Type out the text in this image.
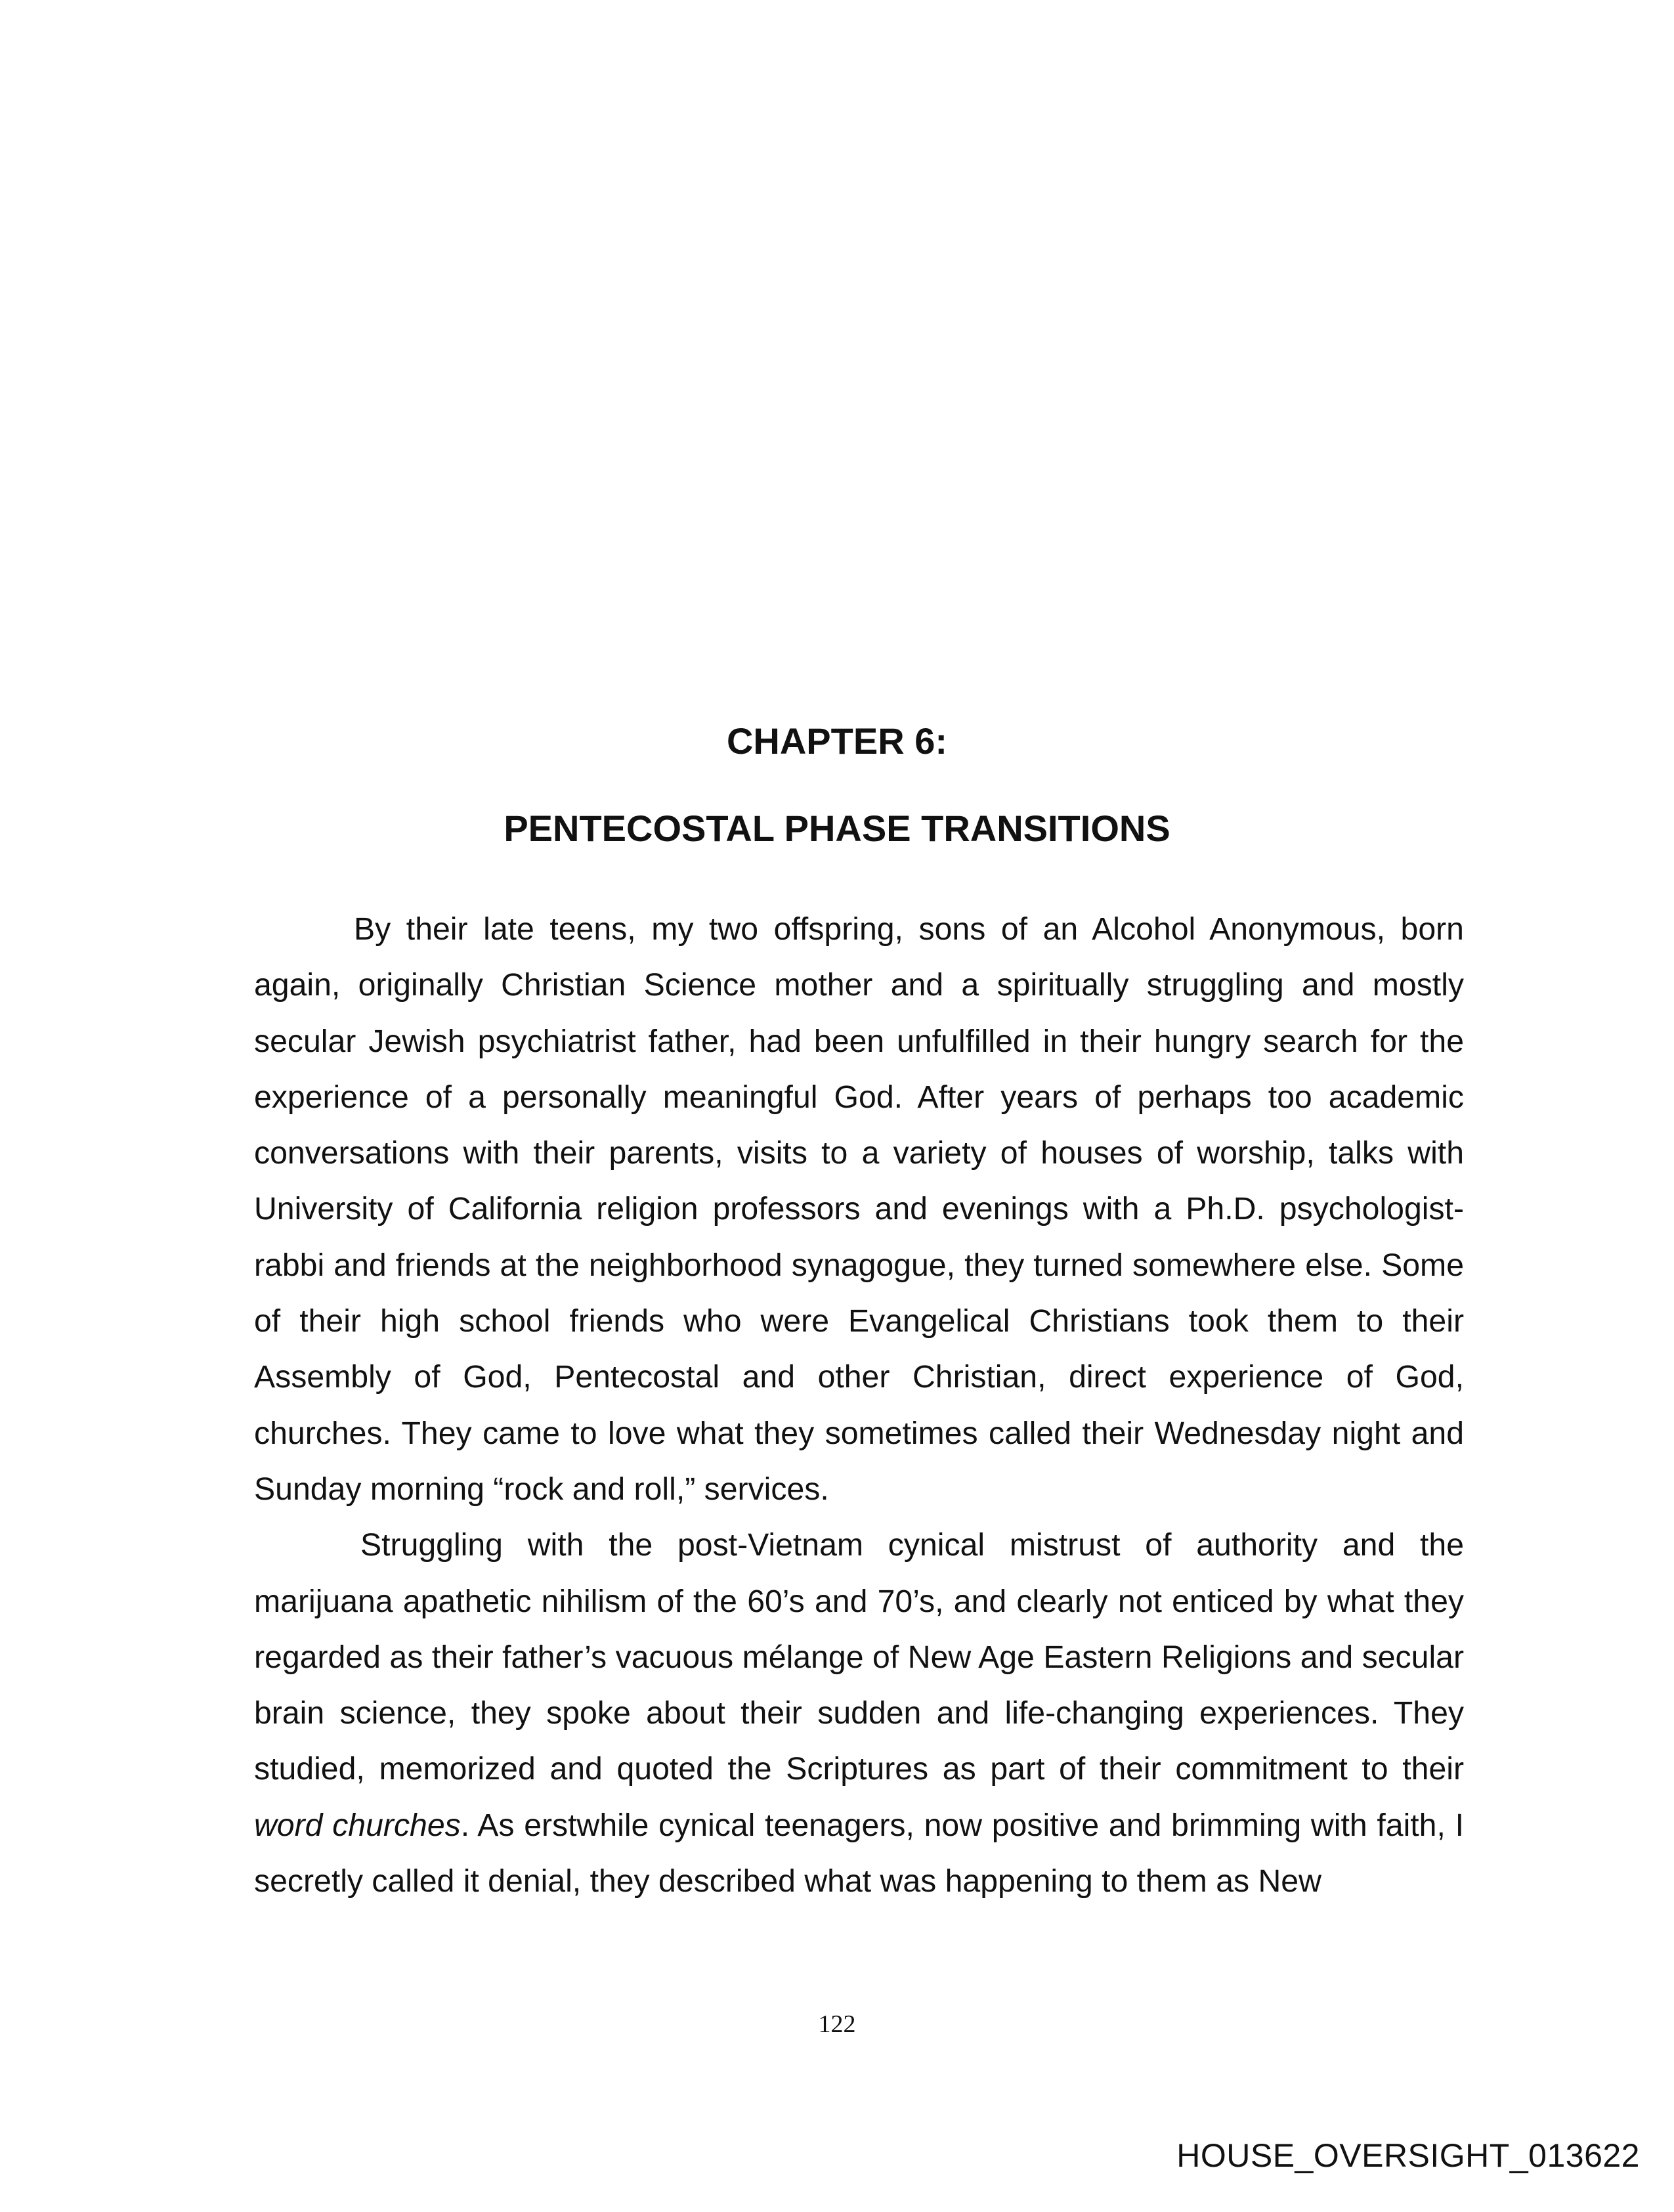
CHAPTER 6:
PENTECOSTAL PHASE TRANSITIONS

By their late teens, my two offspring, sons of an Alcohol Anonymous, born again, originally Christian Science mother and a spiritually struggling and mostly secular Jewish psychiatrist father, had been unfulfilled in their hungry search for the experience of a personally meaningful God. After years of perhaps too academic conversations with their parents, visits to a variety of houses of worship, talks with University of California religion professors and evenings with a Ph.D. psychologist-rabbi and friends at the neighborhood synagogue, they turned somewhere else. Some of their high school friends who were Evangelical Christians took them to their Assembly of God, Pentecostal and other Christian, direct experience of God, churches. They came to love what they sometimes called their Wednesday night and Sunday morning “rock and roll,” services.

Struggling with the post-Vietnam cynical mistrust of authority and the marijuana apathetic nihilism of the 60’s and 70’s, and clearly not enticed by what they regarded as their father’s vacuous mélange of New Age Eastern Religions and secular brain science, they spoke about their sudden and life-changing experiences. They studied, memorized and quoted the Scriptures as part of their commitment to their word churches. As erstwhile cynical teenagers, now positive and brimming with faith, I secretly called it denial, they described what was happening to them as New

122
HOUSE_OVERSIGHT_013622
